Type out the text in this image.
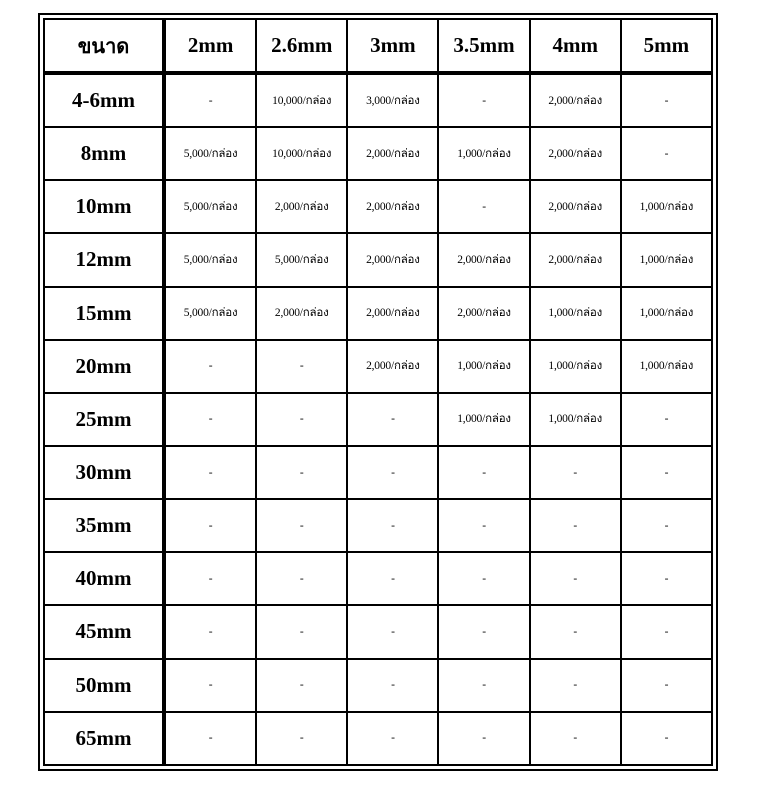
ขนาด	2mm	2.6mm	3mm	3.5mm	4mm	5mm
4-6mm	-	10,000/กล่อง	3,000/กล่อง	-	2,000/กล่อง	-
8mm	5,000/กล่อง	10,000/กล่อง	2,000/กล่อง	1,000/กล่อง	2,000/กล่อง	-
10mm	5,000/กล่อง	2,000/กล่อง	2,000/กล่อง	-	2,000/กล่อง	1,000/กล่อง
12mm	5,000/กล่อง	5,000/กล่อง	2,000/กล่อง	2,000/กล่อง	2,000/กล่อง	1,000/กล่อง
15mm	5,000/กล่อง	2,000/กล่อง	2,000/กล่อง	2,000/กล่อง	1,000/กล่อง	1,000/กล่อง
20mm	-	-	2,000/กล่อง	1,000/กล่อง	1,000/กล่อง	1,000/กล่อง
25mm	-	-	-	1,000/กล่อง	1,000/กล่อง	-
30mm	-	-	-	-	-	-
35mm	-	-	-	-	-	-
40mm	-	-	-	-	-	-
45mm	-	-	-	-	-	-
50mm	-	-	-	-	-	-
65mm	-	-	-	-	-	-
